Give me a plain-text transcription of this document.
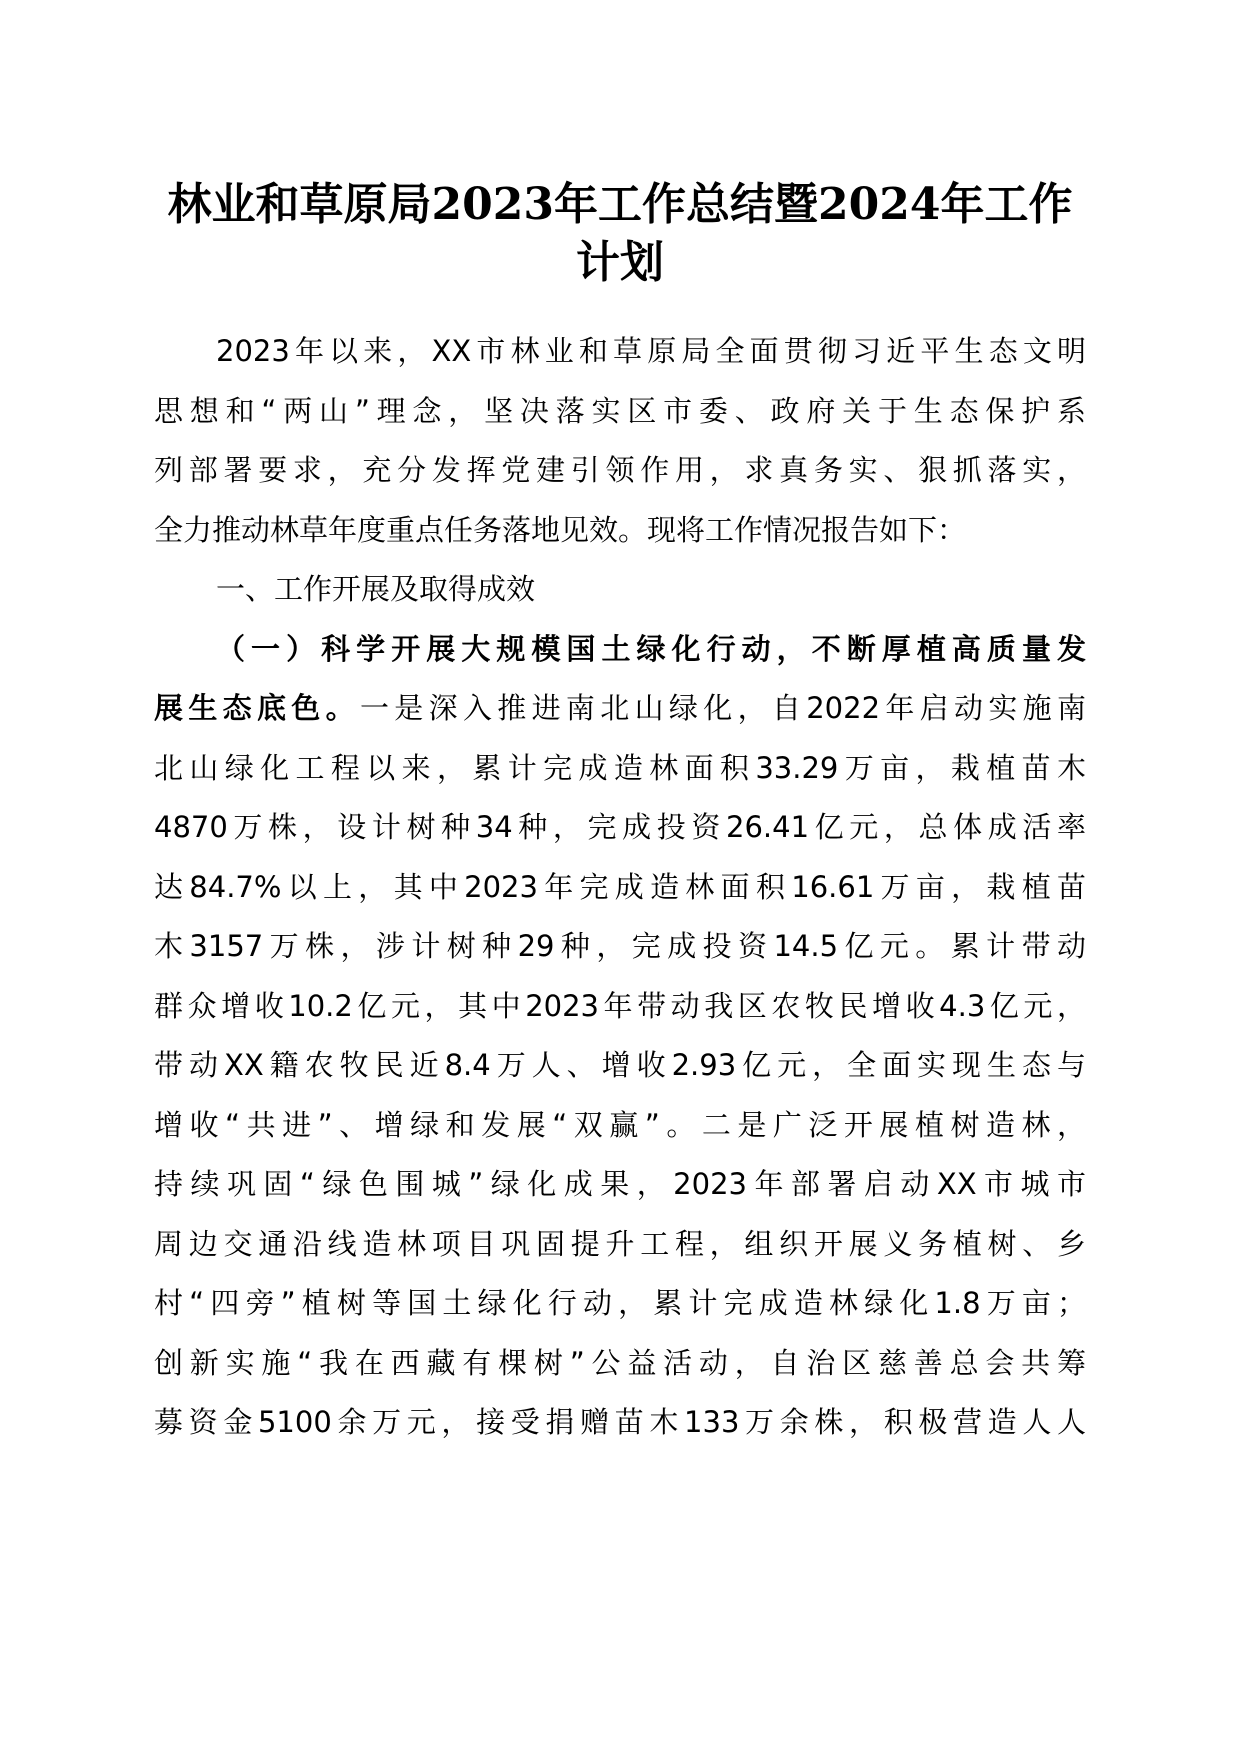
林业和草原局2023年工作总结暨2024年工作
计划
2023年以来，XX市林业和草原局全面贯彻习近平生态文明
思想和“两山”理念，坚决落实区市委、政府关于生态保护系
列部署要求，充分发挥党建引领作用，求真务实、狠抓落实，
全力推动林草年度重点任务落地见效。现将工作情况报告如下：
一、工作开展及取得成效
（一）科学开展大规模国土绿化行动，不断厚植高质量发
展生态底色。一是深入推进南北山绿化，自2022年启动实施南
北山绿化工程以来，累计完成造林面积33.29万亩，栽植苗木
4870万株，设计树种34种，完成投资26.41亿元，总体成活率
达84.7%以上，其中2023年完成造林面积16.61万亩，栽植苗
木3157万株，涉计树种29种，完成投资14.5亿元。累计带动
群众增收10.2亿元，其中2023年带动我区农牧民增收4.3亿元，
带动XX籍农牧民近8.4万人、增收2.93亿元，全面实现生态与
增收“共进”、增绿和发展“双赢”。二是广泛开展植树造林，
持续巩固“绿色围城”绿化成果，2023年部署启动XX市城市
周边交通沿线造林项目巩固提升工程，组织开展义务植树、乡
村“四旁”植树等国土绿化行动，累计完成造林绿化1.8万亩；
创新实施“我在西藏有棵树”公益活动，自治区慈善总会共筹
募资金5100余万元，接受捐赠苗木133万余株，积极营造人人
